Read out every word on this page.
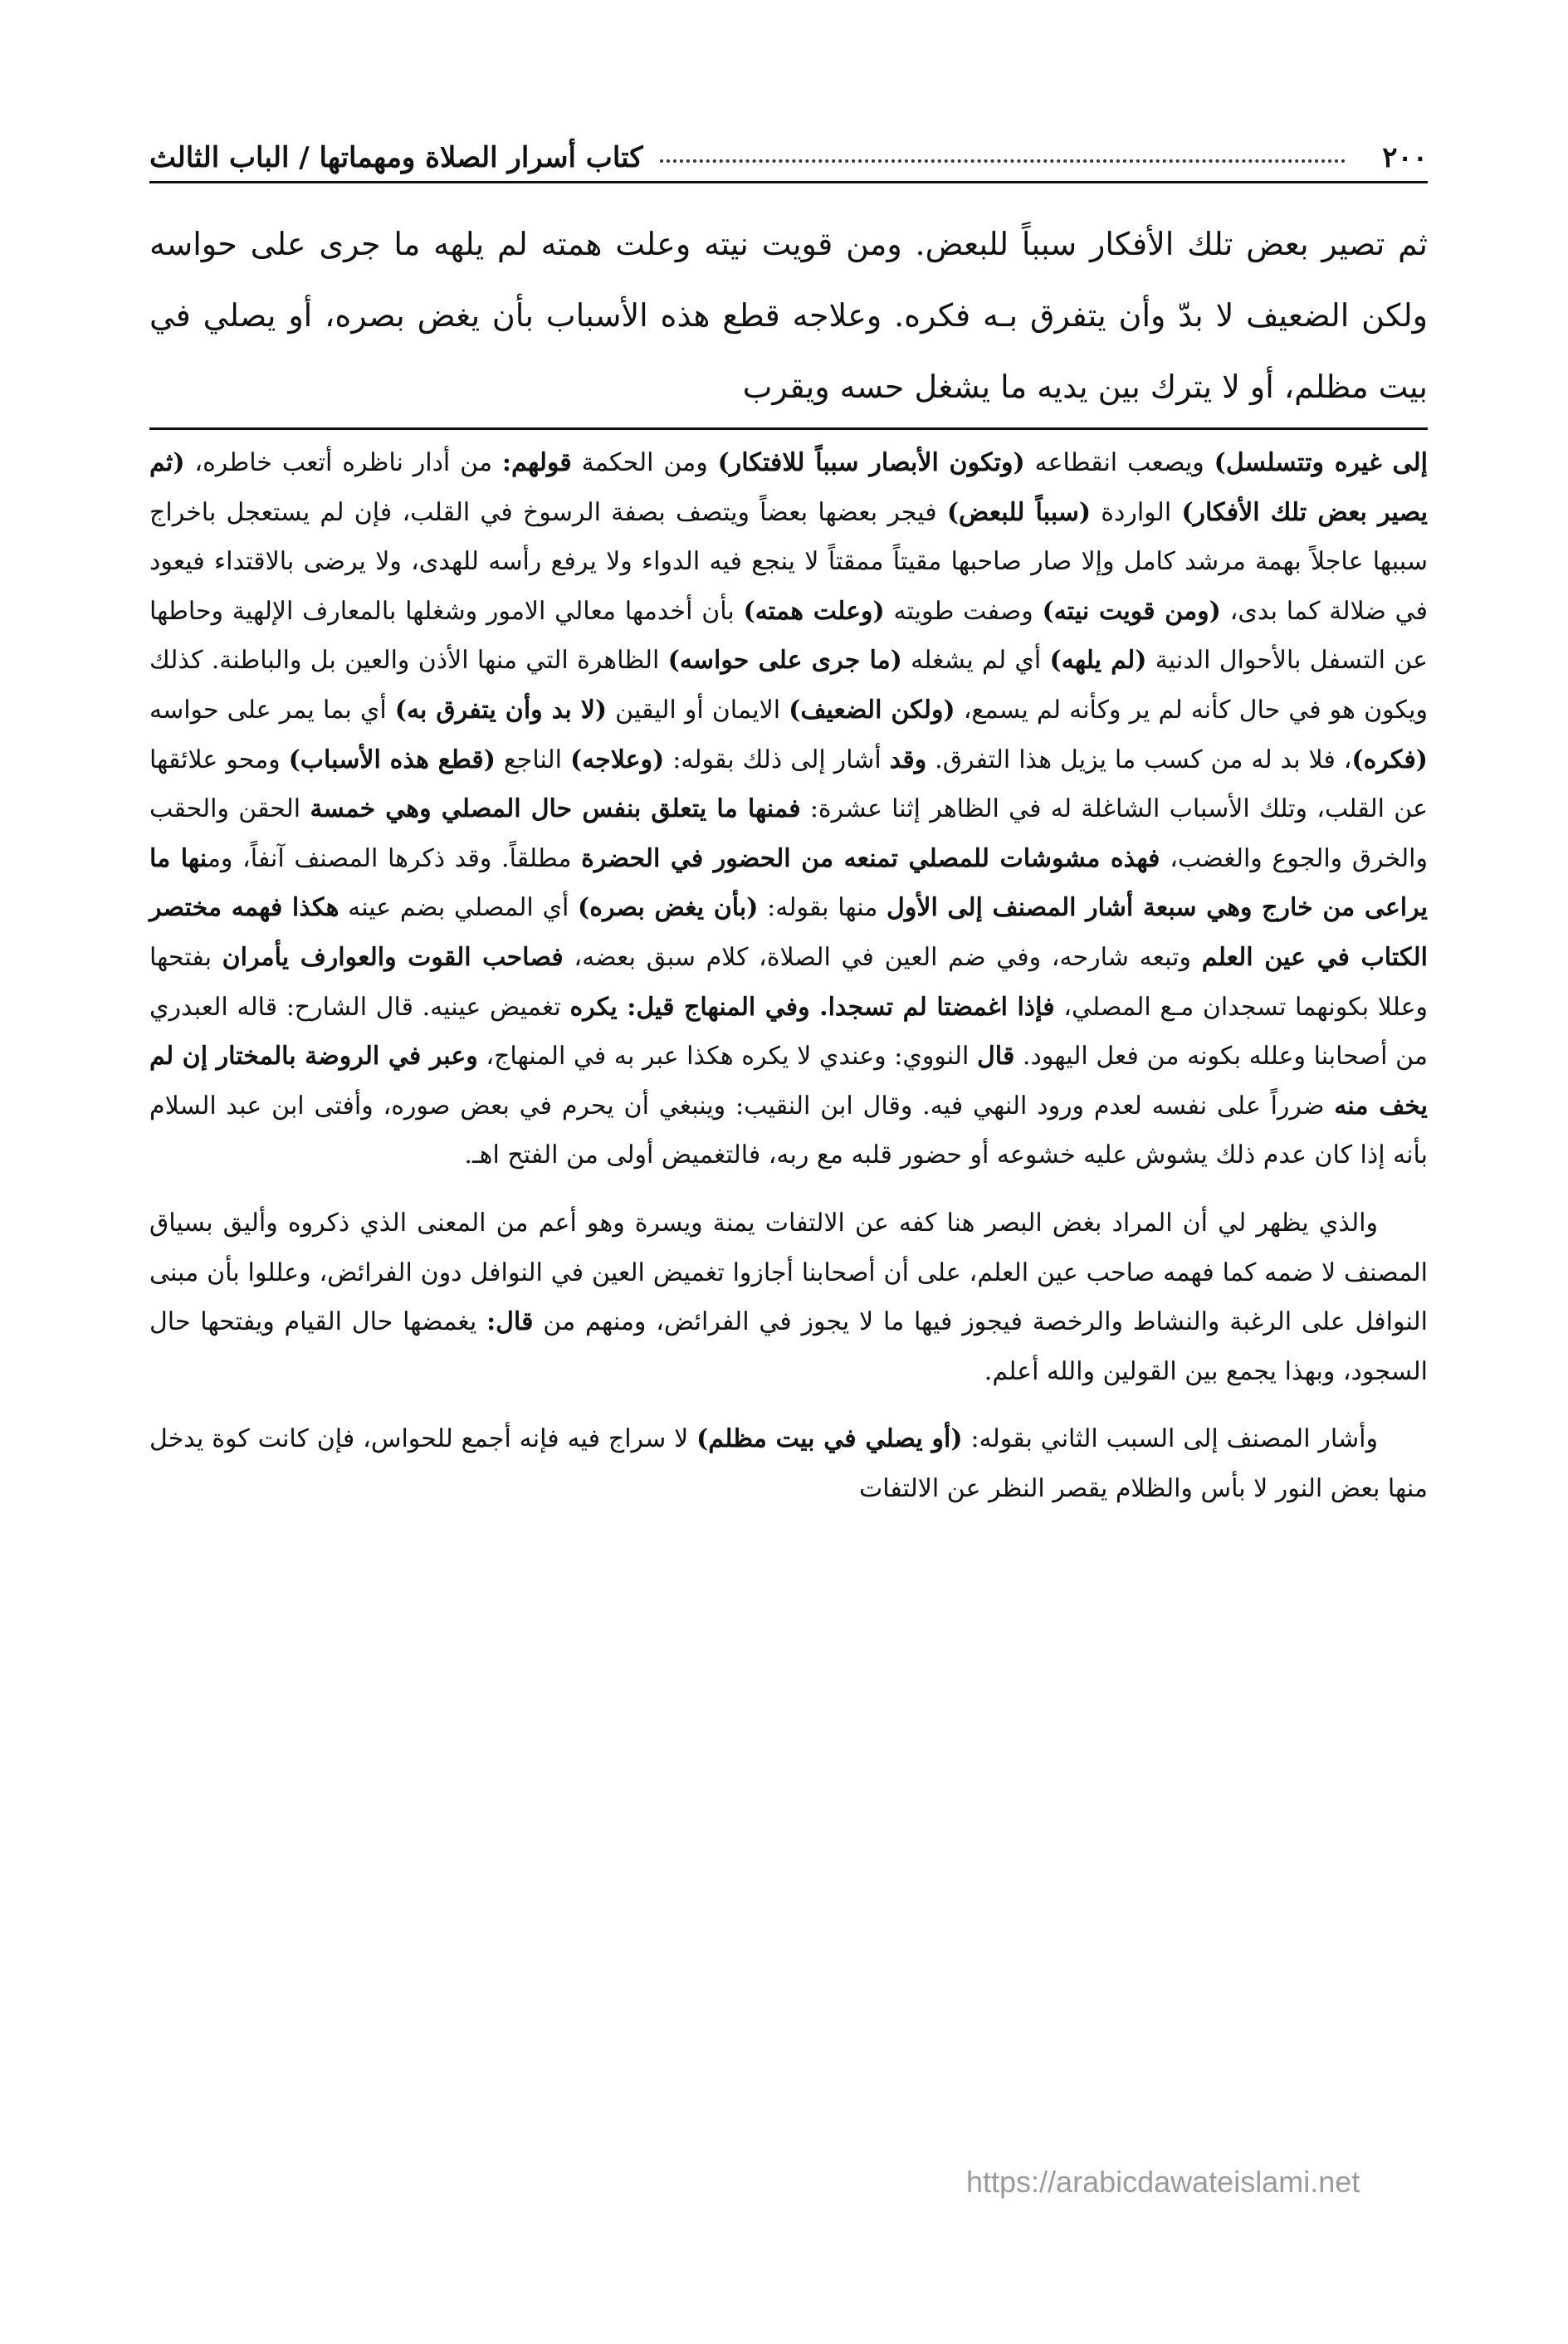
٢٠٠
كتاب أسرار الصلاة ومهماتها / الباب الثالث
ثم تصير بعض تلك الأفكار سبباً للبعض. ومن قويت نيته وعلت همته لم يلهه ما جرى على حواسه ولكن الضعيف لا بدّ وأن يتفرق بـه فكره. وعلاجه قطع هذه الأسباب بأن يغض بصره، أو يصلي في بيت مظلم، أو لا يترك بين يديه ما يشغل حسه ويقرب

إلى غيره وتتسلسل) ويصعب انقطاعه (وتكون الأبصار سبباً للافتكار) ومن الحكمة قولهم: من أدار ناظره أتعب خاطره، (ثم يصير بعض تلك الأفكار) الواردة (سبباً للبعض) فيجر بعضها بعضاً ويتصف بصفة الرسوخ في القلب، فإن لم يستعجل باخراج سببها عاجلاً بهمة مرشد كامل وإلا صار صاحبها مقيتاً ممقتاً لا ينجع فيه الدواء ولا يرفع رأسه للهدى، ولا يرضى بالاقتداء فيعود في ضلالة كما بدى، (ومن قويت نيته) وصفت طويته (وعلت همته) بأن أخدمها معالي الامور وشغلها بالمعارف الإلهية وحاطها عن التسفل بالأحوال الدنية (لم يلهه) أي لم يشغله (ما جرى على حواسه) الظاهرة التي منها الأذن والعين بل والباطنة. كذلك ويكون هو في حال كأنه لم ير وكأنه لم يسمع، (ولكن الضعيف) الايمان أو اليقين (لا بد وأن يتفرق به) أي بما يمر على حواسه (فكره)، فلا بد له من كسب ما يزيل هذا التفرق. وقد أشار إلى ذلك بقوله: (وعلاجه) الناجع (قطع هذه الأسباب) ومحو علائقها عن القلب، وتلك الأسباب الشاغلة له في الظاهر إثنا عشرة: فمنها ما يتعلق بنفس حال المصلي وهي خمسة الحقن والحقب والخرق والجوع والغضب، فهذه مشوشات للمصلي تمنعه من الحضور في الحضرة مطلقاً. وقد ذكرها المصنف آنفاً، ومنها ما يراعى من خارج وهي سبعة أشار المصنف إلى الأول منها بقوله: (بأن يغض بصره) أي المصلي بضم عينه هكذا فهمه مختصر الكتاب في عين العلم وتبعه شارحه، وفي ضم العين في الصلاة، كلام سبق بعضه، فصاحب القوت والعوارف يأمران بفتحها وعللا بكونهما تسجدان مـع المصلي، فإذا اغمضتا لم تسجدا. وفي المنهاج قيل: يكره تغميض عينيه. قال الشارح: قاله العبدري من أصحابنا وعلله بكونه من فعل اليهود. قال النووي: وعندي لا يكره هكذا عبر به في المنهاج، وعبر في الروضة بالمختار إن لم يخف منه ضرراً على نفسه لعدم ورود النهي فيه. وقال ابن النقيب: وينبغي أن يحرم في بعض صوره، وأفتى ابن عبد السلام بأنه إذا كان عدم ذلك يشوش عليه خشوعه أو حضور قلبه مع ربه، فالتغميض أولى من الفتح اهـ.

والذي يظهر لي أن المراد بغض البصر هنا كفه عن الالتفات يمنة ويسرة وهو أعم من المعنى الذي ذكروه وأليق بسياق المصنف لا ضمه كما فهمه صاحب عين العلم، على أن أصحابنا أجازوا تغميض العين في النوافل دون الفرائض، وعللوا بأن مبنى النوافل على الرغبة والنشاط والرخصة فيجوز فيها ما لا يجوز في الفرائض، ومنهم من قال: يغمضها حال القيام ويفتحها حال السجود، وبهذا يجمع بين القولين والله أعلم.

وأشار المصنف إلى السبب الثاني بقوله: (أو يصلي في بيت مظلم) لا سراج فيه فإنه أجمع للحواس، فإن كانت كوة يدخل منها بعض النور لا بأس والظلام يقصر النظر عن الالتفات

https://arabicdawateislami.net
